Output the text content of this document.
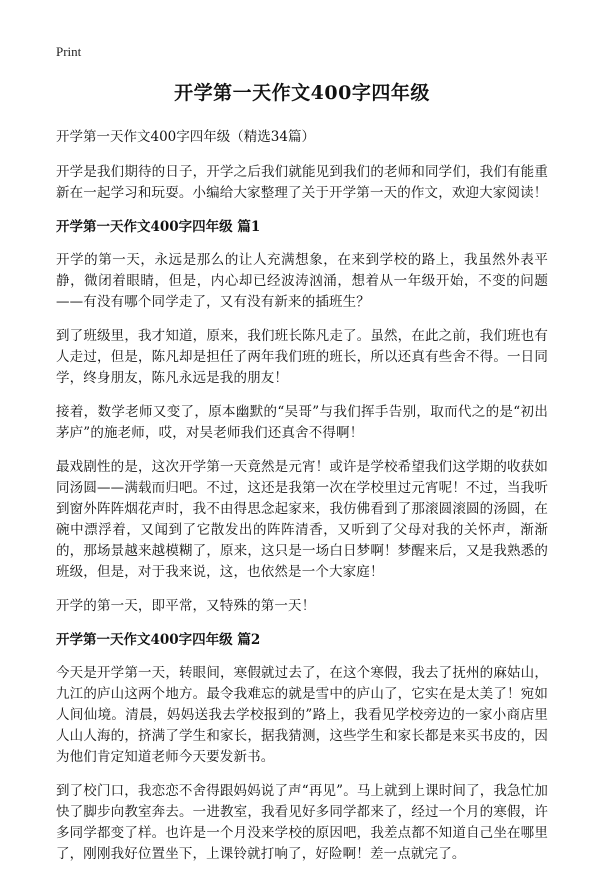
Print
开学第一天作文400字四年级
开学第一天作文400字四年级（精选34篇）
开学是我们期待的日子，开学之后我们就能见到我们的老师和同学们，我们有能重新在一起学习和玩耍。小编给大家整理了关于开学第一天的作文，欢迎大家阅读！
开学第一天作文400字四年级 篇1
开学的第一天，永远是那么的让人充满想象，在来到学校的路上，我虽然外表平静，微闭着眼睛，但是，内心却已经波涛汹涌，想着从一年级开始，不变的问题——有没有哪个同学走了，又有没有新来的插班生？
到了班级里，我才知道，原来，我们班长陈凡走了。虽然，在此之前，我们班也有人走过，但是，陈凡却是担任了两年我们班的班长，所以还真有些舍不得。一日同学，终身朋友，陈凡永远是我的朋友！
接着，数学老师又变了，原本幽默的“吴哥”与我们挥手告别，取而代之的是“初出茅庐”的施老师，哎，对吴老师我们还真舍不得啊！
最戏剧性的是，这次开学第一天竟然是元宵！或许是学校希望我们这学期的收获如同汤圆——满载而归吧。不过，这还是我第一次在学校里过元宵呢！不过，当我听到窗外阵阵烟花声时，我不由得思念起家来，我仿佛看到了那滚圆滚圆的汤圆，在碗中漂浮着，又闻到了它散发出的阵阵清香，又听到了父母对我的关怀声，渐渐的，那场景越来越模糊了，原来，这只是一场白日梦啊！梦醒来后，又是我熟悉的班级，但是，对于我来说，这，也依然是一个大家庭！
开学的第一天，即平常，又特殊的第一天！
开学第一天作文400字四年级 篇2
今天是开学第一天，转眼间，寒假就过去了，在这个寒假，我去了抚州的麻姑山，九江的庐山这两个地方。最令我难忘的就是雪中的庐山了，它实在是太美了！宛如人间仙境。清晨，妈妈送我去学校报到的”路上，我看见学校旁边的一家小商店里人山人海的，挤满了学生和家长，据我猜测，这些学生和家长都是来买书皮的，因为他们肯定知道老师今天要发新书。
到了校门口，我恋恋不舍得跟妈妈说了声“再见”。马上就到上课时间了，我急忙加快了脚步向教室奔去。一进教室，我看见好多同学都来了，经过一个月的寒假，许多同学都变了样。也许是一个月没来学校的原因吧，我差点都不知道自己坐在哪里了，刚刚我好位置坐下，上课铃就打响了，好险啊！差一点就完了。
